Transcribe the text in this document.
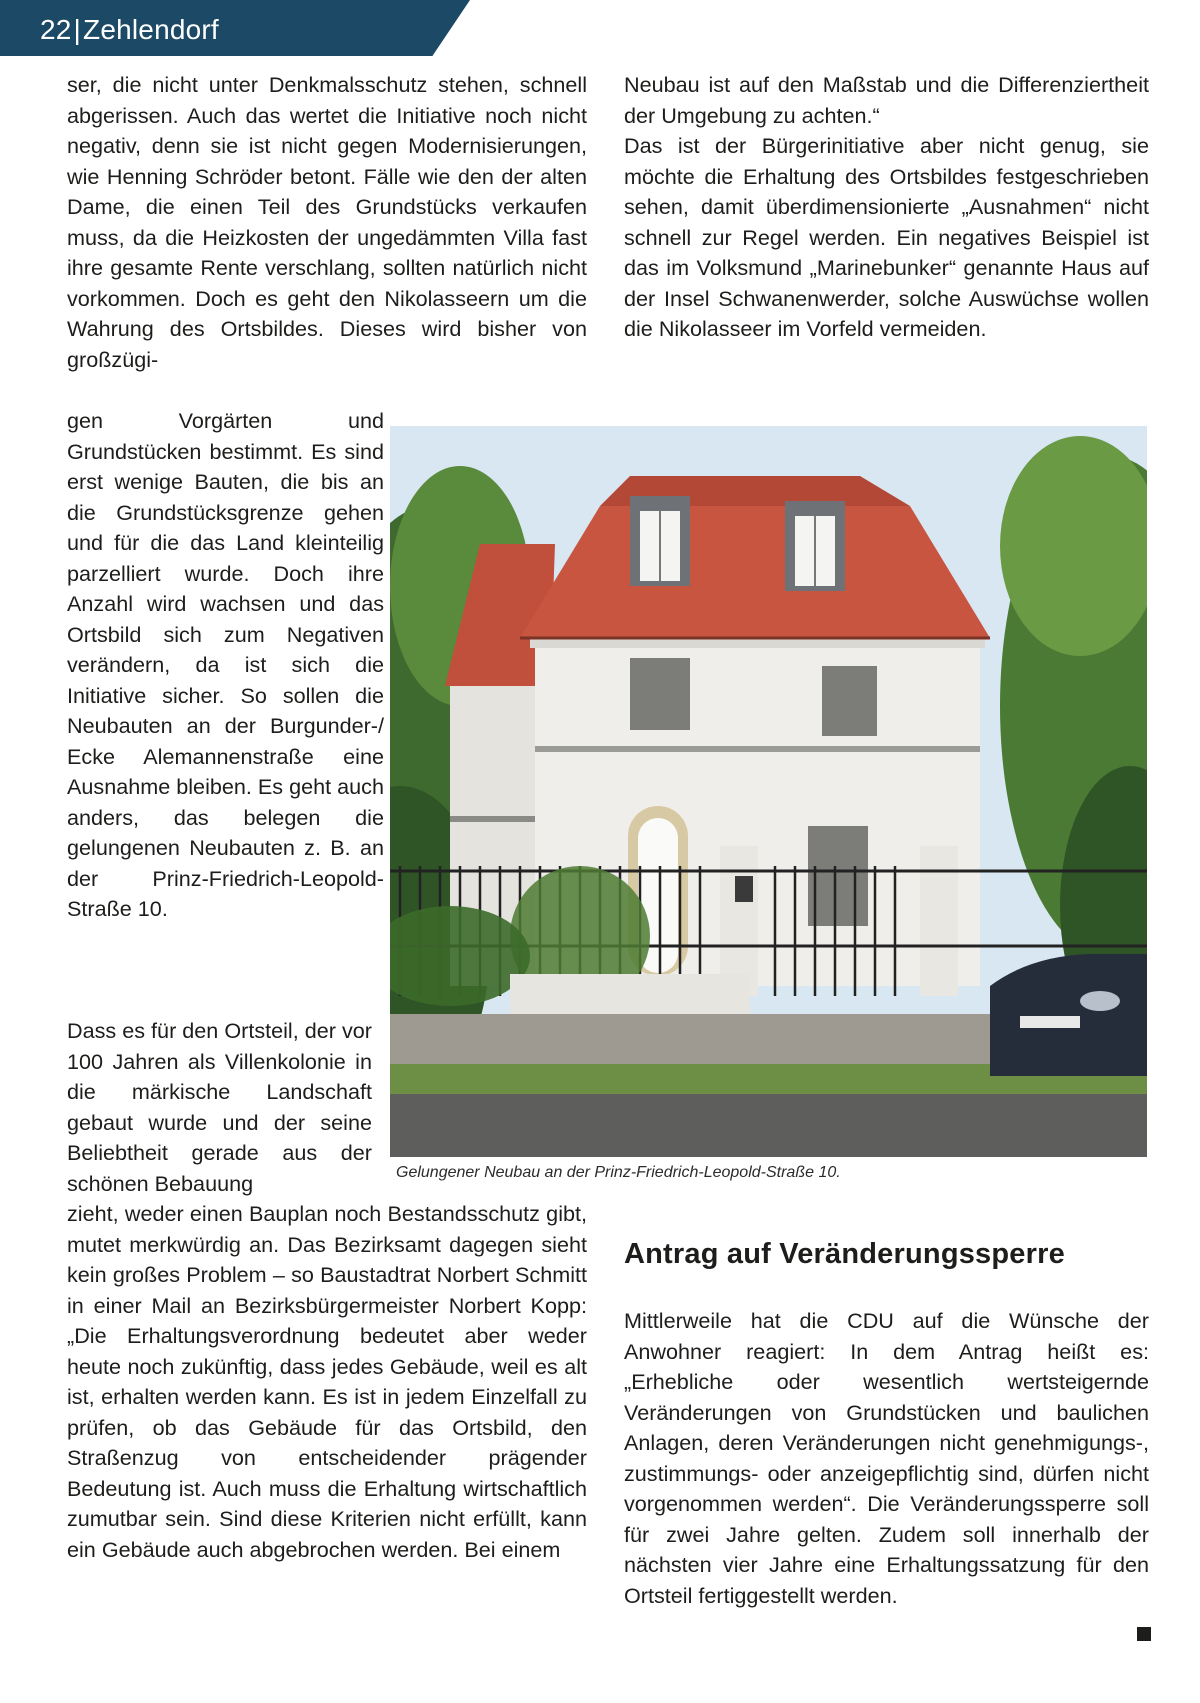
22|Zehlendorf

ser, die nicht unter Denkmalsschutz stehen, schnell abgerissen. Auch das wertet die Initiative noch nicht negativ, denn sie ist nicht gegen Modernisierungen, wie Henning Schröder betont. Fälle wie den der alten Dame, die einen Teil des Grundstücks verkaufen muss, da die Heizkosten der ungedämmten Villa fast ihre gesamte Rente verschlang, sollten natürlich nicht vorkommen. Doch es geht den Nikolasseern um die Wahrung des Ortsbildes. Dieses wird bisher von großzügi-

gen Vorgärten und Grundstücken bestimmt. Es sind erst wenige Bauten, die bis an die Grundstücksgrenze gehen und für die das Land kleinteilig parzelliert wurde. Doch ihre Anzahl wird wachsen und das Ortsbild sich zum Negativen verändern, da ist sich die Initiative sicher. So sollen die Neubauten an der Burgunder-/ Ecke Alemannenstraße eine Ausnahme bleiben. Es geht auch anders, das belegen die gelungenen Neubauten z. B. an der Prinz-Friedrich-Leopold-Straße 10.

Dass es für den Ortsteil, der vor 100 Jahren als Villenkolonie in die märkische Landschaft gebaut wurde und der seine Beliebtheit gerade aus der schönen Bebauung

zieht, weder einen Bauplan noch Bestandsschutz gibt, mutet merkwürdig an. Das Bezirksamt dagegen sieht kein großes Problem – so Baustadtrat Norbert Schmitt in einer Mail an Bezirksbürgermeister Norbert Kopp: „Die Erhaltungsverordnung bedeutet aber weder heute noch zukünftig, dass jedes Gebäude, weil es alt ist, erhalten werden kann. Es ist in jedem Einzelfall zu prüfen, ob das Gebäude für das Ortsbild, den Straßenzug von entscheidender prägender Bedeutung ist. Auch muss die Erhaltung wirtschaftlich zumutbar sein. Sind diese Kriterien nicht erfüllt, kann ein Gebäude auch abgebrochen werden. Bei einem

Neubau ist auf den Maßstab und die Differenziertheit der Umgebung zu achten.“

Das ist der Bürgerinitiative aber nicht genug, sie möchte die Erhaltung des Ortsbildes festgeschrieben sehen, damit überdimensionierte „Ausnahmen“ nicht schnell zur Regel werden. Ein negatives Beispiel ist das im Volksmund „Marinebunker“ genannte Haus auf der Insel Schwanenwerder, solche Auswüchse wollen die Nikolasseer im Vorfeld vermeiden.

Gelungener Neubau an der Prinz-Friedrich-Leopold-Straße 10.
Antrag auf Veränderungssperre

Mittlerweile hat die CDU auf die Wünsche der Anwohner reagiert: In dem Antrag heißt es: „Erhebliche oder wesentlich wertsteigernde Veränderungen von Grundstücken und baulichen Anlagen, deren Veränderungen nicht genehmigungs-, zustimmungs- oder anzeigepflichtig sind, dürfen nicht vorgenommen werden“. Die Veränderungssperre soll für zwei Jahre gelten. Zudem soll innerhalb der nächsten vier Jahre eine Erhaltungssatzung für den Ortsteil fertiggestellt werden.
